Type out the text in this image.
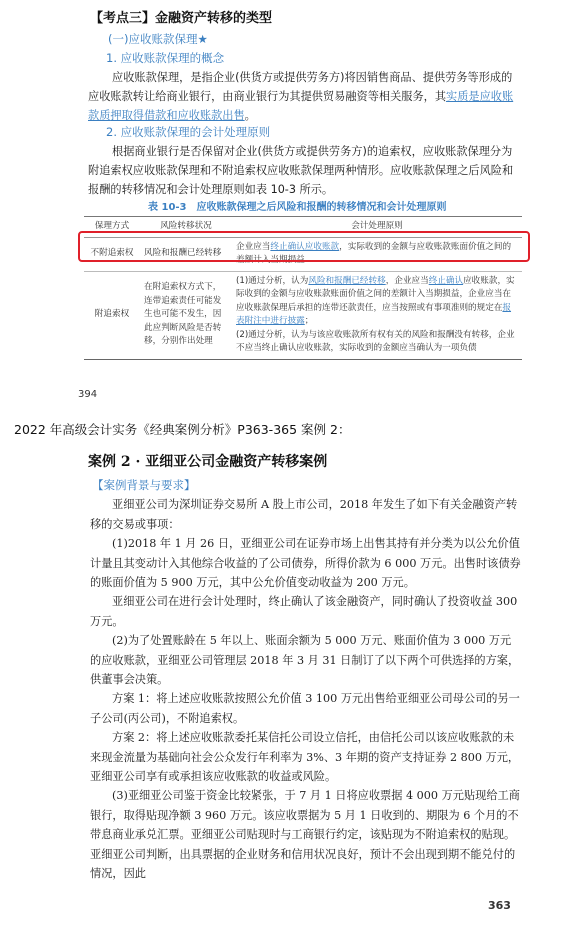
【考点三】金融资产转移的类型
(一)应收账款保理★
1. 应收账款保理的概念
应收账款保理，是指企业(供货方或提供劳务方)将因销售商品、提供劳务等形成的应收账款转让给商业银行，由商业银行为其提供贸易融资等相关服务，其实质是应收账款质押取得借款和应收账款出售。
2. 应收账款保理的会计处理原则
根据商业银行是否保留对企业(供货方或提供劳务方)的追索权，应收账款保理分为附追索权应收账款保理和不附追索权应收账款保理两种情形。应收账款保理之后风险和报酬的转移情况和会计处理原则如表 10-3 所示。
表 10-3　应收账款保理之后风险和报酬的转移情况和会计处理原则
保理方式	风险转移状况	会计处理原则
不附追索权	风险和报酬已经转移	企业应当终止确认应收账款，实际收到的金额与应收账款账面价值之间的差额计入当期损益
附追索权	在附追索权方式下，连带追索责任可能发生也可能不发生，因此应判断风险是否转移，分别作出处理	(1)通过分析，认为风险和报酬已经转移，企业应当终止确认应收账款，实际收到的金额与应收账款账面价值之间的差额计入当期损益，企业应当在应收账款保理后承担的连带还款责任，应当按照或有事项准则的规定在报表附注中进行披露；
(2)通过分析，认为与该应收账款所有权有关的风险和报酬没有转移，企业不应当终止确认应收账款，实际收到的金额应当确认为一项负债
394
2022 年高级会计实务《经典案例分析》P363-365 案例 2：
案例 2 · 亚细亚公司金融资产转移案例
【案例背景与要求】
亚细亚公司为深圳证券交易所 A 股上市公司，2018 年发生了如下有关金融资产转移的交易或事项：
(1)2018 年 1 月 26 日，亚细亚公司在证券市场上出售其持有并分类为以公允价值计量且其变动计入其他综合收益的了公司债券，所得价款为 6 000 万元。出售时该债券的账面价值为 5 900 万元，其中公允价值变动收益为 200 万元。
亚细亚公司在进行会计处理时，终止确认了该金融资产，同时确认了投资收益 300 万元。
(2)为了处置账龄在 5 年以上、账面余额为 5 000 万元、账面价值为 3 000 万元的应收账款，亚细亚公司管理层 2018 年 3 月 31 日制订了以下两个可供选择的方案，供董事会决策。
方案 1：将上述应收账款按照公允价值 3 100 万元出售给亚细亚公司母公司的另一子公司(丙公司)，不附追索权。
方案 2：将上述应收账款委托某信托公司设立信托，由信托公司以该应收账款的未来现金流量为基础向社会公众发行年利率为 3%、3 年期的资产支持证券 2 800 万元，亚细亚公司享有或承担该应收账款的收益或风险。
(3)亚细亚公司鉴于资金比较紧张，于 7 月 1 日将应收票据 4 000 万元贴现给工商银行，取得贴现净额 3 960 万元。该应收票据为 5 月 1 日收到的、期限为 6 个月的不带息商业承兑汇票。亚细亚公司贴现时与工商银行约定，该贴现为不附追索权的贴现。亚细亚公司判断，出具票据的企业财务和信用状况良好，预计不会出现到期不能兑付的情况，因此
363
